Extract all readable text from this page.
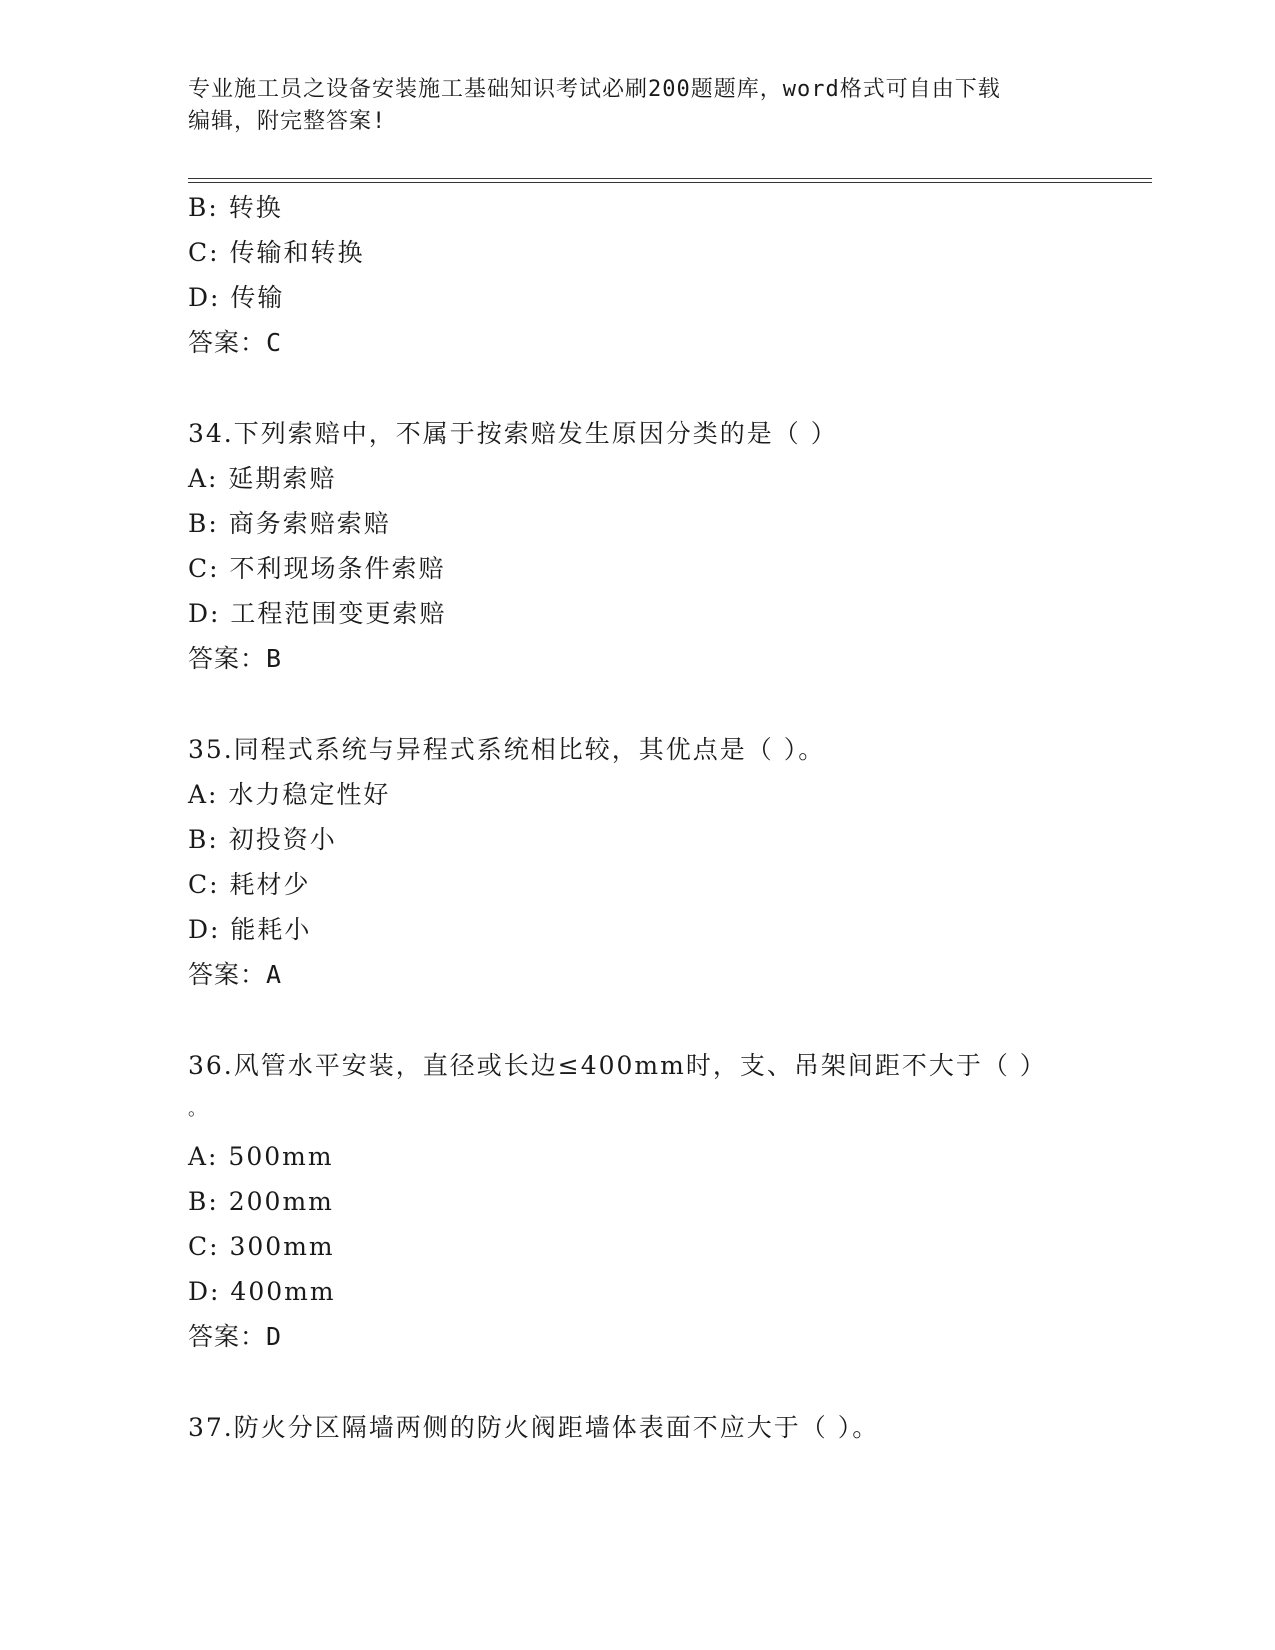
专业施工员之设备安装施工基础知识考试必刷200题题库，word格式可自由下载
编辑，附完整答案!
B: 转换
C: 传输和转换
D: 传输
答案：C
34.下列索赔中，不属于按索赔发生原因分类的是（ ）
A: 延期索赔
B: 商务索赔索赔
C: 不利现场条件索赔
D: 工程范围变更索赔
答案：B
35.同程式系统与异程式系统相比较，其优点是（ ）。
A: 水力稳定性好
B: 初投资小
C: 耗材少
D: 能耗小
答案：A
36.风管水平安装，直径或长边≤400mm时，支、吊架间距不大于（ ）
。
A: 500mm
B: 200mm
C: 300mm
D: 400mm
答案：D
37.防火分区隔墙两侧的防火阀距墙体表面不应大于（ ）。
